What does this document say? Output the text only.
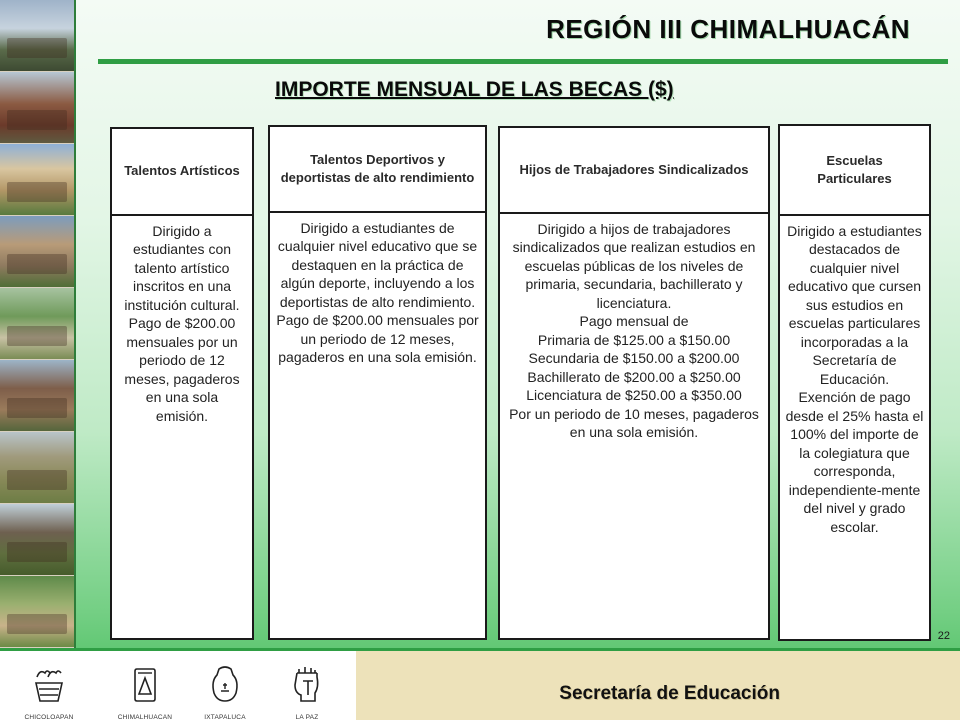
REGIÓN III CHIMALHUACÁN
IMPORTE MENSUAL DE LAS BECAS ($)
Talentos Artísticos
Dirigido a estudiantes con talento artístico inscritos en una institución cultural.
Pago de $200.00 mensuales por un periodo de 12 meses, pagaderos en una sola emisión.
Talentos Deportivos y deportistas de alto rendimiento
Dirigido a estudiantes de cualquier nivel educativo que se destaquen en la práctica de algún deporte, incluyendo a los deportistas de alto rendimiento.
Pago de $200.00 mensuales por un periodo de 12 meses, pagaderos en una sola emisión.
Hijos de Trabajadores Sindicalizados
Dirigido a hijos de trabajadores sindicalizados que realizan estudios en escuelas públicas de los niveles de primaria, secundaria, bachillerato y licenciatura.
Pago mensual de
Primaria de $125.00 a $150.00
Secundaria de $150.00 a $200.00
Bachillerato de $200.00 a $250.00
Licenciatura de $250.00 a $350.00
Por un periodo de 10 meses, pagaderos en una sola emisión.
Escuelas Particulares
Dirigido a estudiantes destacados de cualquier nivel educativo que cursen sus estudios en escuelas particulares incorporadas a la Secretaría de Educación.
Exención de pago desde el 25% hasta el 100% del importe de la colegiatura que corresponda, independiente-mente del nivel y grado escolar.
22
CHICOLOAPAN	CHIMALHUACAN	IXTAPALUCA	LA PAZ
Secretaría de Educación
